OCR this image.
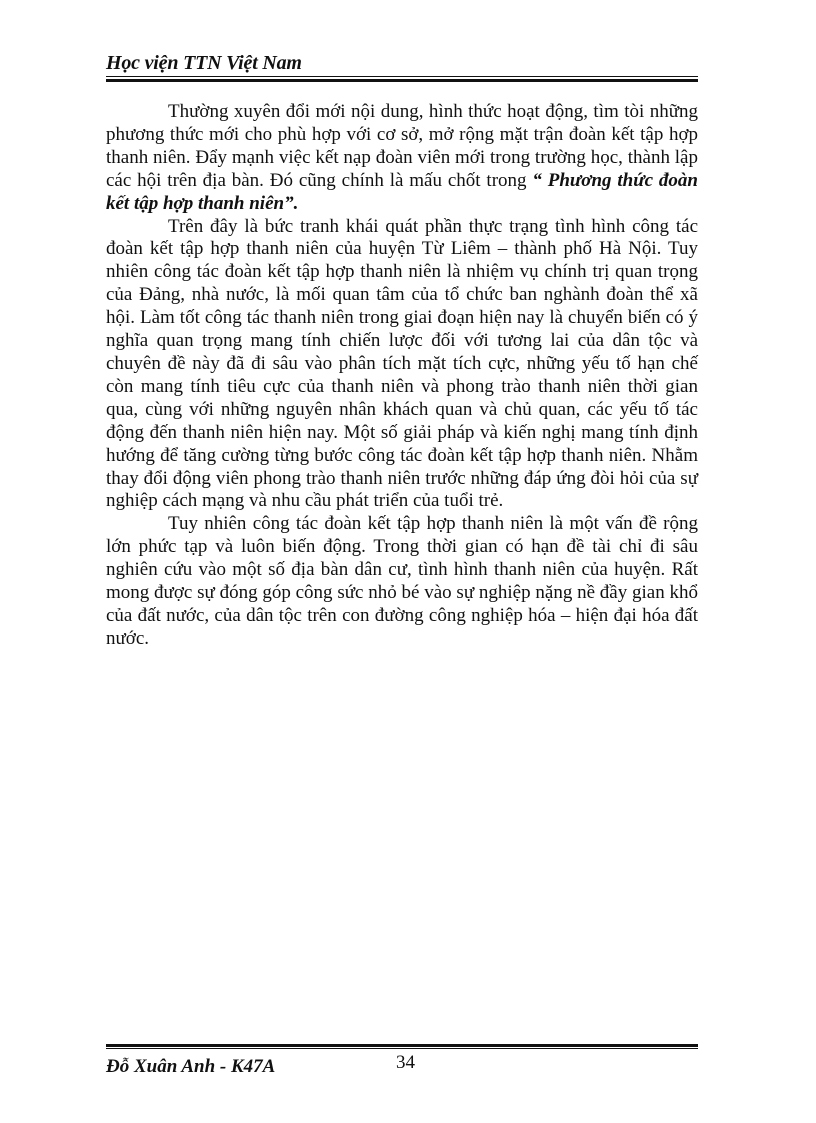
Học viện TTN Việt Nam

Thường xuyên đổi mới nội dung, hình thức hoạt động, tìm tòi những phương thức mới cho phù hợp với cơ sở, mở rộng mặt trận đoàn kết tập hợp thanh niên. Đẩy mạnh việc kết nạp đoàn viên mới trong trường học, thành lập các hội trên địa bàn. Đó cũng chính là mấu chốt trong “ Phương thức đoàn kết tập hợp thanh niên”.

Trên đây là bức tranh khái quát phần thực trạng tình hình công tác đoàn kết tập hợp thanh niên của huyện Từ Liêm – thành phố Hà Nội. Tuy nhiên công tác đoàn kết tập hợp thanh niên là nhiệm vụ chính trị quan trọng của Đảng, nhà nước, là mối quan tâm của tổ chức ban nghành đoàn thể xã hội. Làm tốt công tác thanh niên trong giai đoạn hiện nay là chuyển biến có ý nghĩa quan trọng mang tính chiến lược đối với tương lai của dân tộc và chuyên đề này đã đi sâu vào phân tích mặt tích cực, những yếu tố hạn chế còn mang tính tiêu cực của thanh niên và phong trào thanh niên thời gian qua, cùng với những nguyên nhân khách quan và chủ quan, các yếu tố tác động đến thanh niên hiện nay. Một số giải pháp và kiến nghị mang tính định hướng để tăng cường từng bước công tác đoàn kết tập hợp thanh niên. Nhằm thay đổi động viên phong trào thanh niên trước những đáp ứng đòi hỏi của sự nghiệp cách mạng và nhu cầu phát triển của tuổi trẻ.

Tuy nhiên công tác đoàn kết tập hợp thanh niên là một vấn đề rộng lớn phức tạp và luôn biến động. Trong thời gian có hạn đề tài chỉ đi sâu nghiên cứu vào một số địa bàn dân cư, tình hình thanh niên của huyện. Rất mong được sự đóng góp công sức nhỏ bé vào sự nghiệp nặng nề đầy gian khổ của đất nước, của dân tộc trên con đường công nghiệp hóa – hiện đại hóa đất nước.

Đỗ Xuân Anh - K47A	34
